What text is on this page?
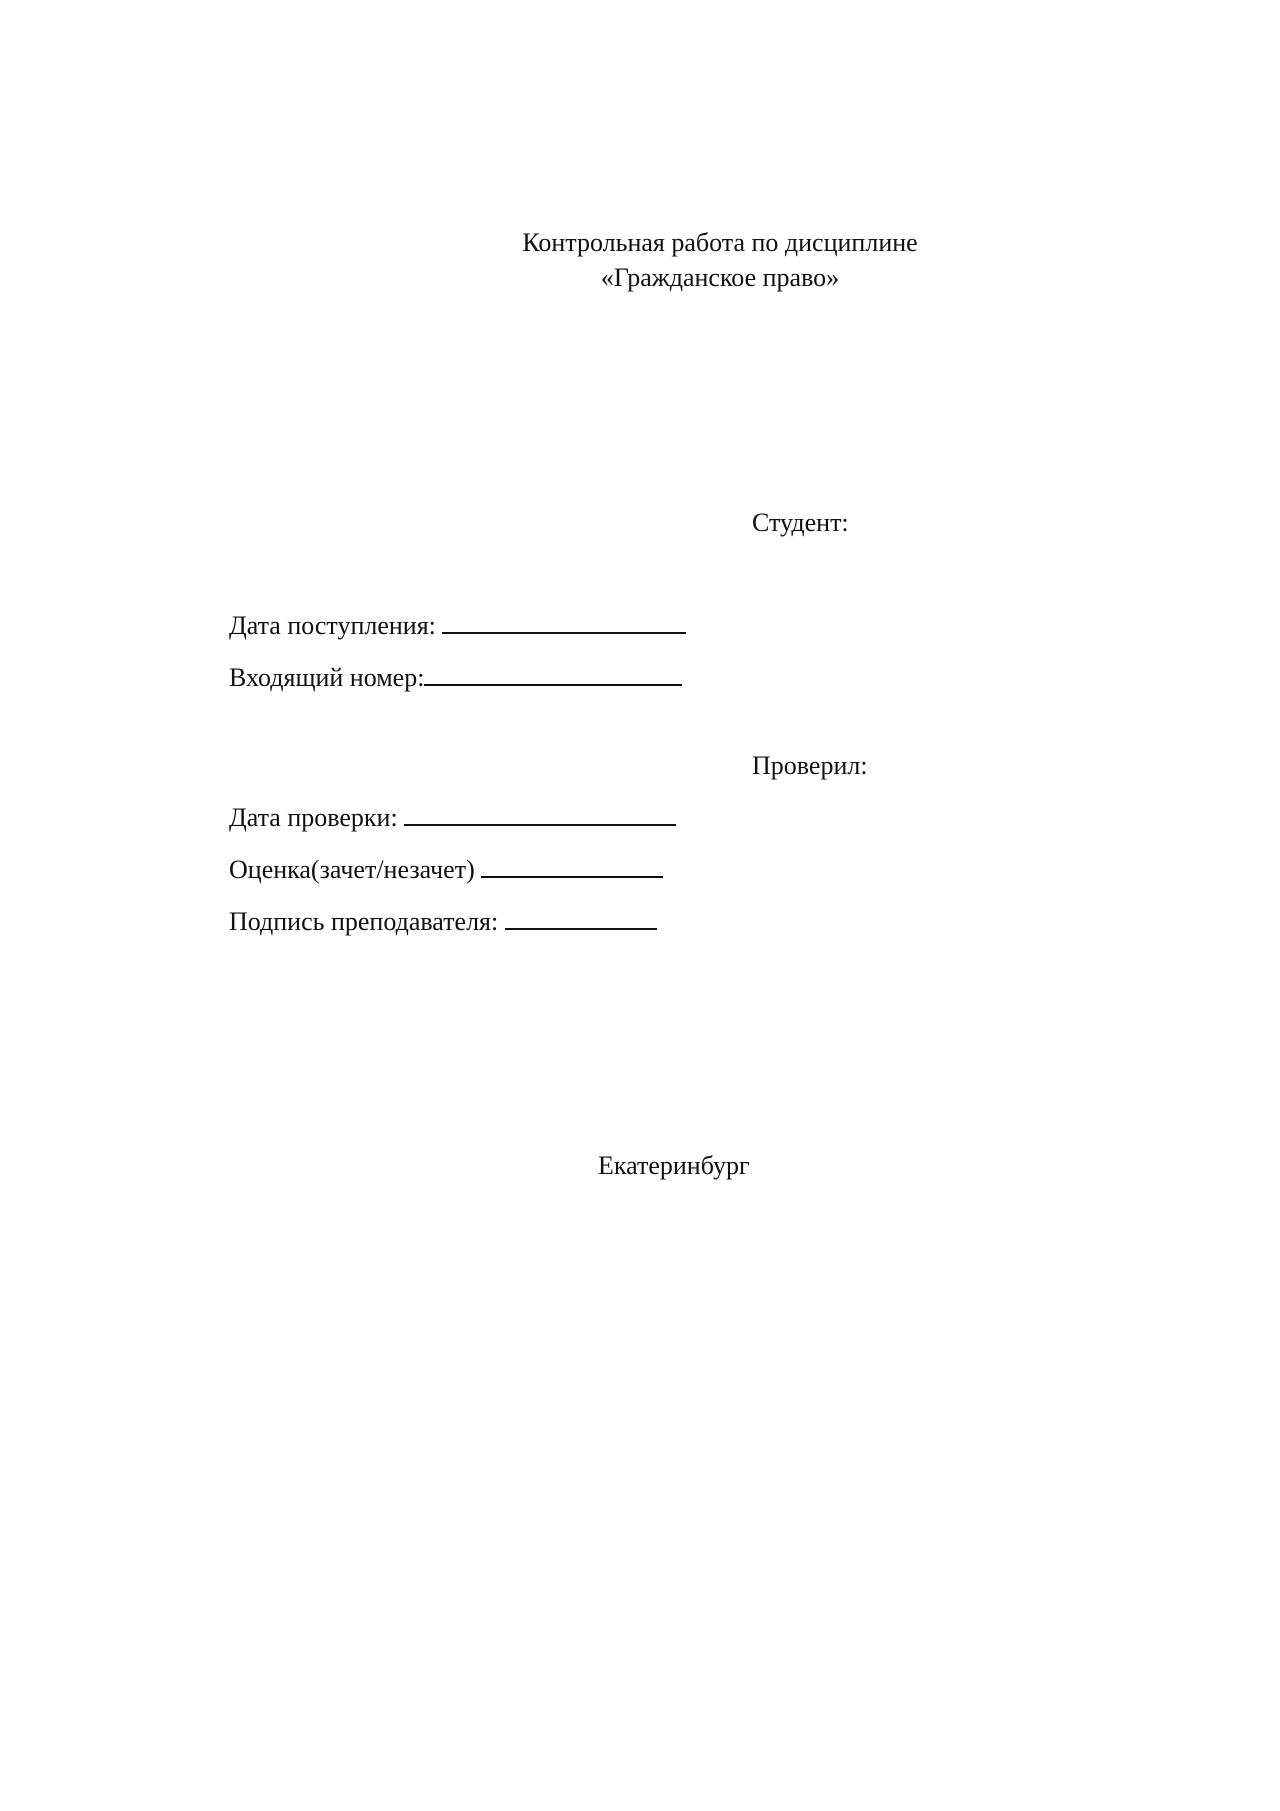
Контрольная работа по дисциплине
«Гражданское право»
Студент:

Дата поступления:

Входящий номер:

Проверил:

Дата проверки:

Оценка(зачет/незачет)

Подпись преподавателя:

Екатеринбург
